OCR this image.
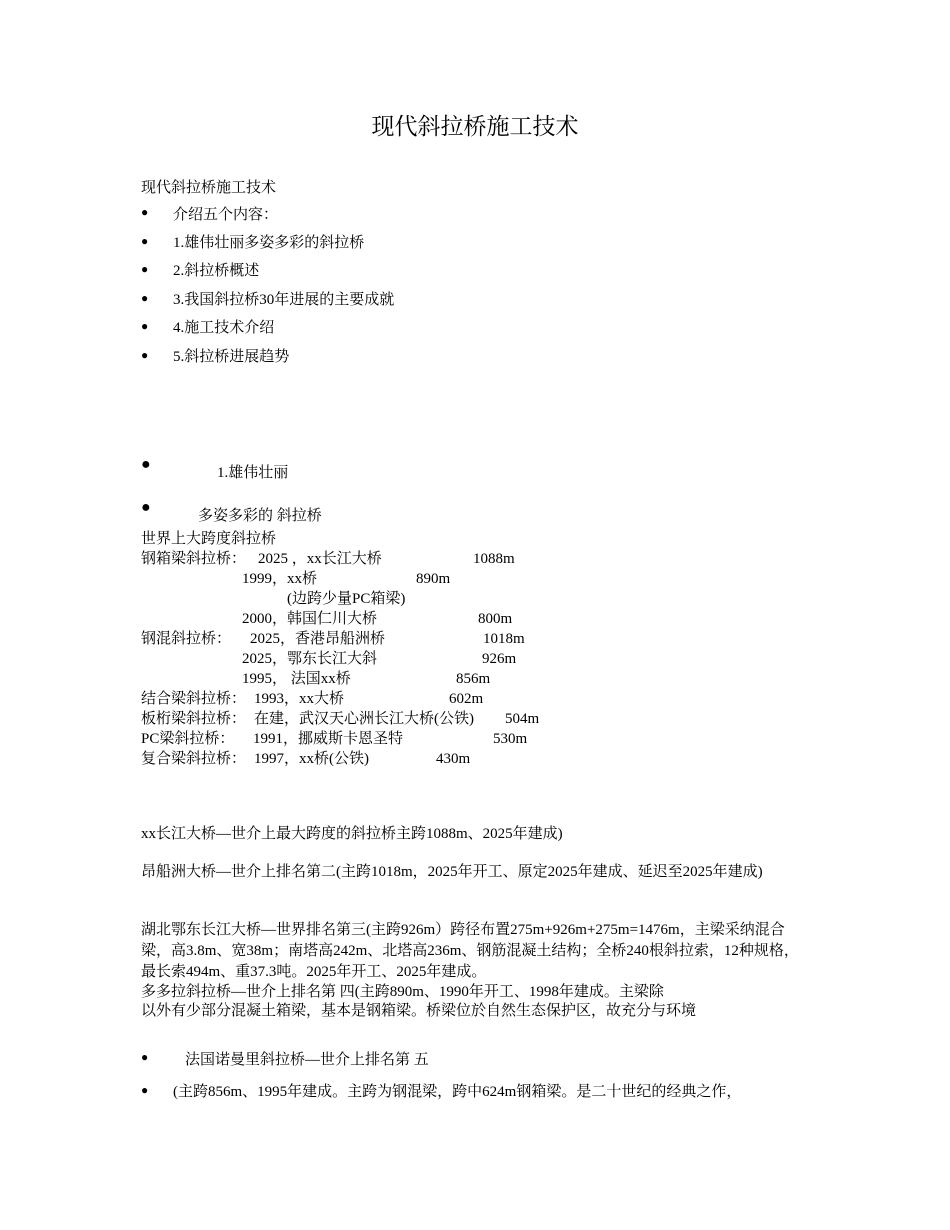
现代斜拉桥施工技术
现代斜拉桥施工技术
● 介绍五个内容：
● 1.雄伟壮丽多姿多彩的斜拉桥
● 2.斜拉桥概述
● 3.我国斜拉桥30年进展的主要成就
● 4.施工技术介绍
● 5.斜拉桥进展趋势
●	1.雄伟壮丽
●	多姿多彩的 斜拉桥
世界上大跨度斜拉桥
钢箱梁斜拉桥： 2025 ，xx长江大桥	1088m
1999，xx桥	890m
(边跨少量PC箱梁)
2000，韩国仁川大桥	800m
钢混斜拉桥： 2025，香港昂船洲桥	1018m
2025，鄂东长江大斜	926m
1995， 法国xx桥	856m
结合梁斜拉桥： 1993，xx大桥	602m
板桁梁斜拉桥： 在建，武汉天心洲长江大桥(公铁) 504m
PC梁斜拉桥： 1991，挪威斯卡恩圣特	530m
复合梁斜拉桥： 1997，xx桥(公铁)	430m
xx长江大桥—世介上最大跨度的斜拉桥主跨1088m、2025年建成)
昂船洲大桥—世介上排名第二(主跨1018m，2025年开工、原定2025年建成、延迟至2025年建成)
湖北鄂东长江大桥—世界排名第三(主跨926m）跨径布置275m+926m+275m=1476m，主梁采纳混合梁，高3.8m、宽38m；南塔高242m、北塔高236m、钢筋混凝土结构；全桥240根斜拉索，12种规格，最长索494m、重37.3吨。2025年开工、2025年建成。
多多拉斜拉桥—世介上排名第 四(主跨890m、1990年开工、1998年建成。主梁除
以外有少部分混凝土箱梁，基本是钢箱梁。桥梁位於自然生态保护区，故充分与环境
● 法国诺曼里斜拉桥—世介上排名第 五
● (主跨856m、1995年建成。主跨为钢混梁，跨中624m钢箱梁。是二十世纪的经典之作，
